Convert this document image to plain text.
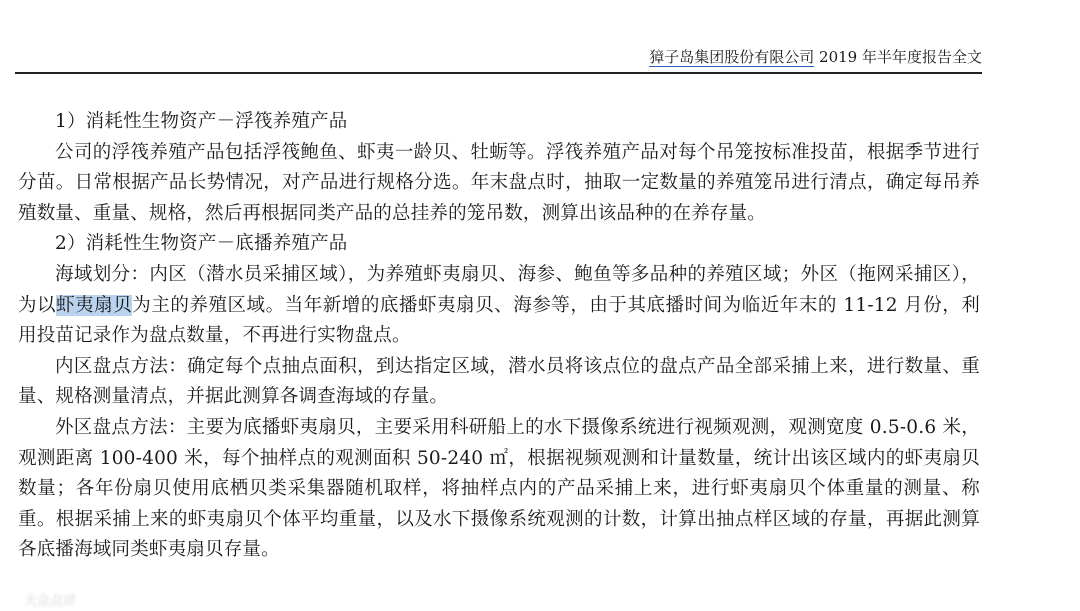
獐子岛集团股份有限公司 2019 年半年度报告全文

1）消耗性生物资产－浮筏养殖产品

公司的浮筏养殖产品包括浮筏鲍鱼、虾夷一龄贝、牡蛎等。浮筏养殖产品对每个吊笼按标准投苗，根据季节进行分苗。日常根据产品长势情况，对产品进行规格分选。年末盘点时，抽取一定数量的养殖笼吊进行清点，确定每吊养殖数量、重量、规格，然后再根据同类产品的总挂养的笼吊数，测算出该品种的在养存量。

2）消耗性生物资产－底播养殖产品

海域划分：内区（潜水员采捕区域），为养殖虾夷扇贝、海参、鲍鱼等多品种的养殖区域；外区（拖网采捕区），为以虾夷扇贝为主的养殖区域。当年新增的底播虾夷扇贝、海参等，由于其底播时间为临近年末的 11-12 月份，利用投苗记录作为盘点数量，不再进行实物盘点。

内区盘点方法：确定每个点抽点面积，到达指定区域，潜水员将该点位的盘点产品全部采捕上来，进行数量、重量、规格测量清点，并据此测算各调查海域的存量。

外区盘点方法：主要为底播虾夷扇贝，主要采用科研船上的水下摄像系统进行视频观测，观测宽度 0.5-0.6 米，观测距离 100-400 米，每个抽样点的观测面积 50-240 ㎡，根据视频观测和计量数量，统计出该区域内的虾夷扇贝数量；各年份扇贝使用底栖贝类采集器随机取样，将抽样点内的产品采捕上来，进行虾夷扇贝个体重量的测量、称重。根据采捕上来的虾夷扇贝个体平均重量，以及水下摄像系统观测的计数，计算出抽点样区域的存量，再据此测算各底播海域同类虾夷扇贝存量。

大众点评
